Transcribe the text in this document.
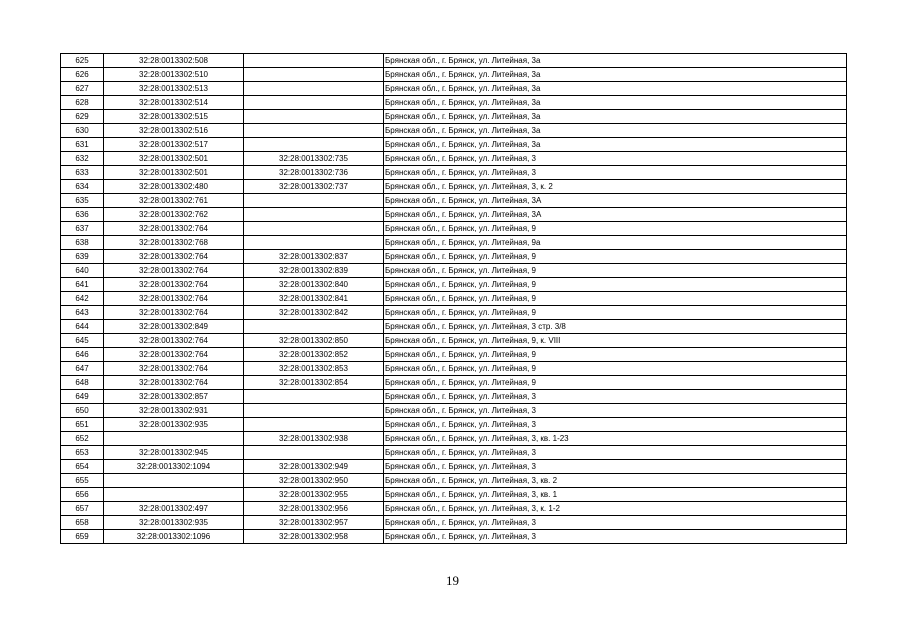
625	32:28:0013302:508		Брянская обл., г. Брянск, ул. Литейная, 3а
626	32:28:0013302:510		Брянская обл., г. Брянск, ул. Литейная, 3а
627	32:28:0013302:513		Брянская обл., г. Брянск, ул. Литейная, 3а
628	32:28:0013302:514		Брянская обл., г. Брянск, ул. Литейная, 3а
629	32:28:0013302:515		Брянская обл., г. Брянск, ул. Литейная, 3а
630	32:28:0013302:516		Брянская обл., г. Брянск, ул. Литейная, 3а
631	32:28:0013302:517		Брянская обл., г. Брянск, ул. Литейная, 3а
632	32:28:0013302:501	32:28:0013302:735	Брянская обл., г. Брянск, ул. Литейная, 3
633	32:28:0013302:501	32:28:0013302:736	Брянская обл., г. Брянск, ул. Литейная, 3
634	32:28:0013302:480	32:28:0013302:737	Брянская обл., г. Брянск, ул. Литейная, 3, к. 2
635	32:28:0013302:761		Брянская обл., г. Брянск, ул. Литейная, 3А
636	32:28:0013302:762		Брянская обл., г. Брянск, ул. Литейная, 3А
637	32:28:0013302:764		Брянская обл., г. Брянск, ул. Литейная, 9
638	32:28:0013302:768		Брянская обл., г. Брянск, ул. Литейная, 9а
639	32:28:0013302:764	32:28:0013302:837	Брянская обл., г. Брянск, ул. Литейная, 9
640	32:28:0013302:764	32:28:0013302:839	Брянская обл., г. Брянск, ул. Литейная, 9
641	32:28:0013302:764	32:28:0013302:840	Брянская обл., г. Брянск, ул. Литейная, 9
642	32:28:0013302:764	32:28:0013302:841	Брянская обл., г. Брянск, ул. Литейная, 9
643	32:28:0013302:764	32:28:0013302:842	Брянская обл., г. Брянск, ул. Литейная, 9
644	32:28:0013302:849		Брянская обл., г. Брянск, ул. Литейная, 3 стр. 3/8
645	32:28:0013302:764	32:28:0013302:850	Брянская обл., г. Брянск, ул. Литейная, 9, к. VIII
646	32:28:0013302:764	32:28:0013302:852	Брянская обл., г. Брянск, ул. Литейная, 9
647	32:28:0013302:764	32:28:0013302:853	Брянская обл., г. Брянск, ул. Литейная, 9
648	32:28:0013302:764	32:28:0013302:854	Брянская обл., г. Брянск, ул. Литейная, 9
649	32:28:0013302:857		Брянская обл., г. Брянск, ул. Литейная, 3
650	32:28:0013302:931		Брянская обл., г. Брянск, ул. Литейная, 3
651	32:28:0013302:935		Брянская обл., г. Брянск, ул. Литейная, 3
652		32:28:0013302:938	Брянская обл., г. Брянск, ул. Литейная, 3, кв. 1-23
653	32:28:0013302:945		Брянская обл., г. Брянск, ул. Литейная, 3
654	32:28:0013302:1094	32:28:0013302:949	Брянская обл., г. Брянск, ул. Литейная, 3
655		32:28:0013302:950	Брянская обл., г. Брянск, ул. Литейная, 3, кв. 2
656		32:28:0013302:955	Брянская обл., г. Брянск, ул. Литейная, 3, кв. 1
657	32:28:0013302:497	32:28:0013302:956	Брянская обл., г. Брянск, ул. Литейная, 3, к. 1-2
658	32:28:0013302:935	32:28:0013302:957	Брянская обл., г. Брянск, ул. Литейная, 3
659	32:28:0013302:1096	32:28:0013302:958	Брянская обл., г. Брянск, ул. Литейная, 3
19
